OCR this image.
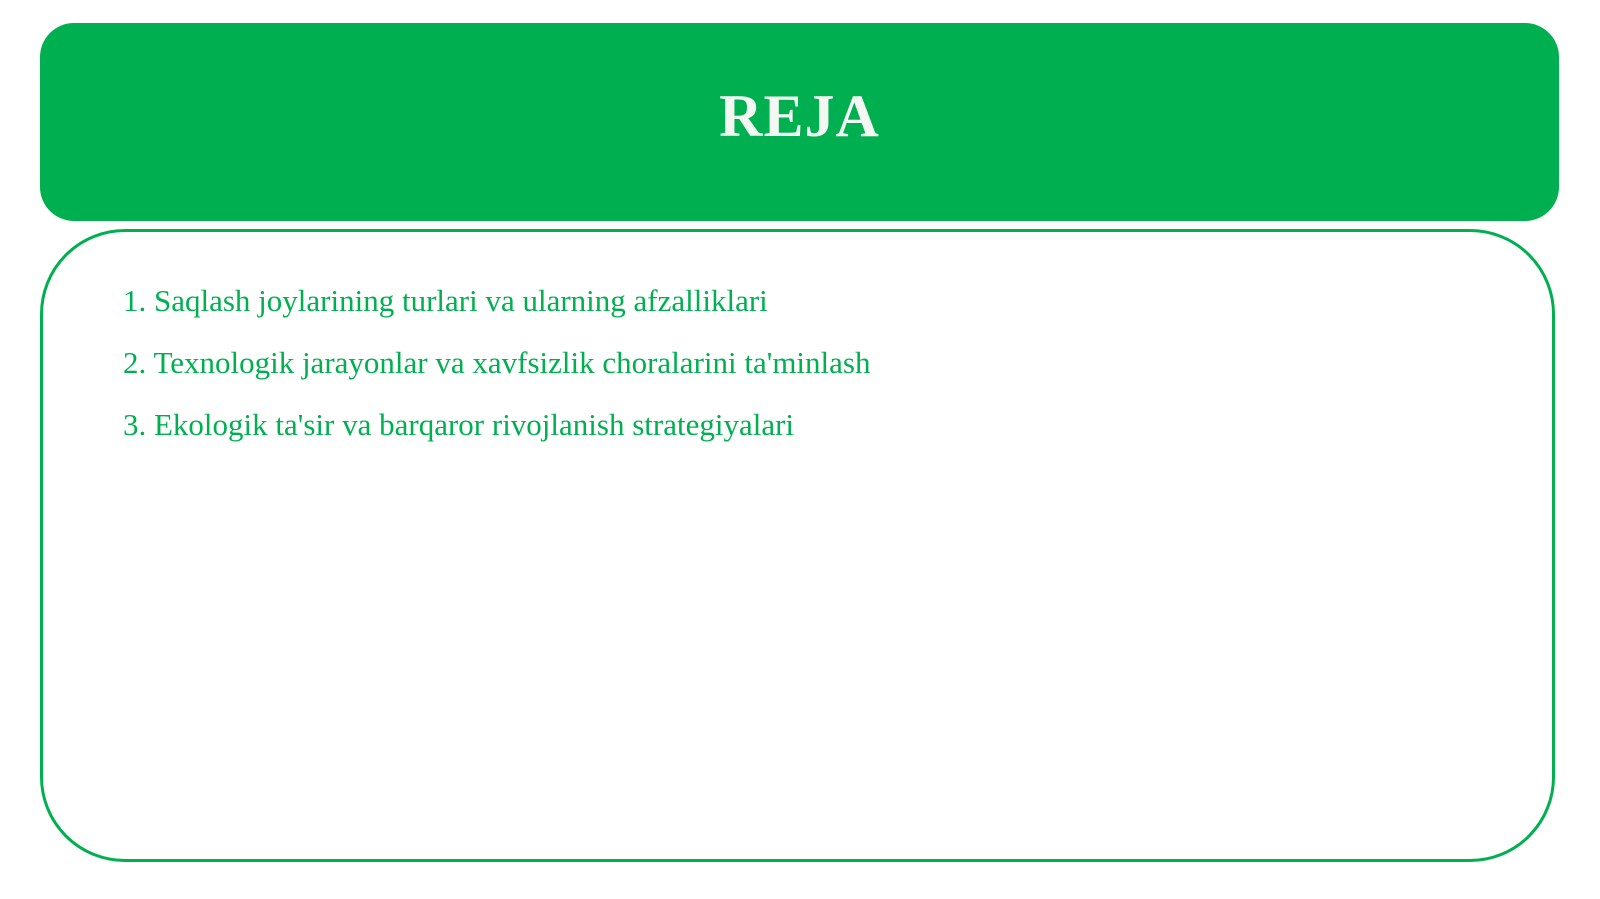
REJA
1. Saqlash joylarining turlari va ularning afzalliklari
2. Texnologik jarayonlar va xavfsizlik choralarini ta'minlash
3. Ekologik ta'sir va barqaror rivojlanish strategiyalari
